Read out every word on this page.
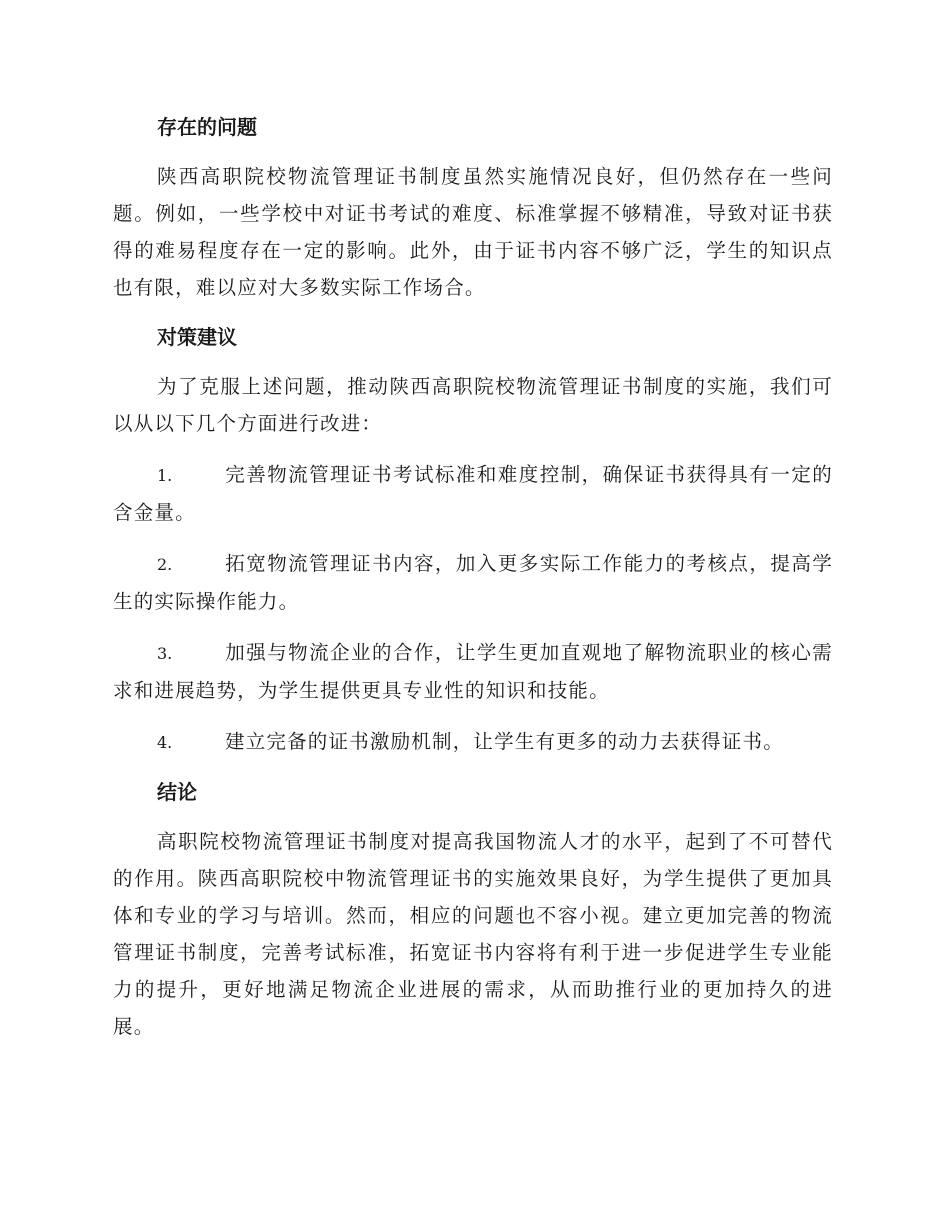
存在的问题

陕西高职院校物流管理证书制度虽然实施情况良好，但仍然存在一些问题。例如，一些学校中对证书考试的难度、标准掌握不够精准，导致对证书获得的难易程度存在一定的影响。此外，由于证书内容不够广泛，学生的知识点也有限，难以应对大多数实际工作场合。

对策建议

为了克服上述问题，推动陕西高职院校物流管理证书制度的实施，我们可以从以下几个方面进行改进：

1.	完善物流管理证书考试标准和难度控制，确保证书获得具有一定的含金量。

2.	拓宽物流管理证书内容，加入更多实际工作能力的考核点，提高学生的实际操作能力。

3.	加强与物流企业的合作，让学生更加直观地了解物流职业的核心需求和进展趋势，为学生提供更具专业性的知识和技能。

4.	建立完备的证书激励机制，让学生有更多的动力去获得证书。

结论

高职院校物流管理证书制度对提高我国物流人才的水平，起到了不可替代的作用。陕西高职院校中物流管理证书的实施效果良好，为学生提供了更加具体和专业的学习与培训。然而，相应的问题也不容小视。建立更加完善的物流管理证书制度，完善考试标准，拓宽证书内容将有利于进一步促进学生专业能力的提升，更好地满足物流企业进展的需求，从而助推行业的更加持久的进展。
